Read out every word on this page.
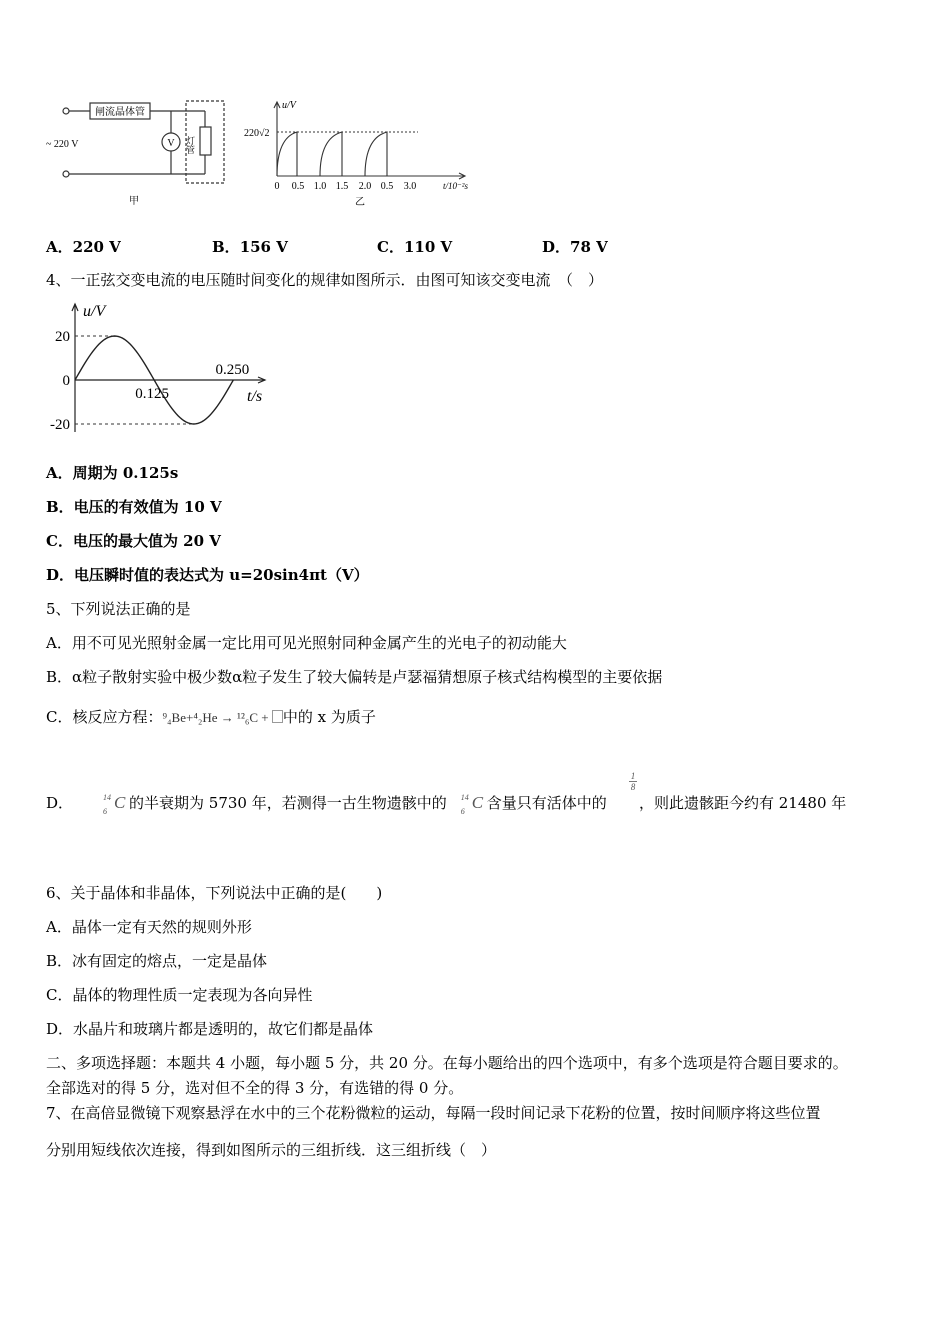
闸流晶体管
V
~ 220 V	灯管
甲
u/V
220√2
0 0.5 1.0 1.5 2.0 0.5 3.0	t/10⁻²s
乙
A．220 V	B．156 V	C．110 V	D．78 V
4、一正弦交变电流的电压随时间变化的规律如图所示．由图可知该交变电流　（　）
20
0
-20
0.125
0.250
u/V
t/s
A．周期为 0.125s
B．电压的有效值为 10 V
C．电压的最大值为 20 V
D．电压瞬时值的表达式为 u=20sin4πt（V）
5、下列说法正确的是
A．用不可见光照射金属一定比用可见光照射同种金属产生的光电子的初动能大
B．α粒子散射实验中极少数α粒子发生了较大偏转是卢瑟福猜想原子核式结构模型的主要依据
C．核反应方程：⁹₄Be+⁴₂He → ¹²₆C + 中的 x 为质子
D．	14
6 C 的半衰期为 5730 年，若测得一古生物遗骸中的 14
6 C 含量只有活体中的
1
8
，则此遗骸距今约有 21480 年
6、关于晶体和非晶体，下列说法中正确的是(　　)
A．晶体一定有天然的规则外形
B．冰有固定的熔点，一定是晶体
C．晶体的物理性质一定表现为各向异性
D．水晶片和玻璃片都是透明的，故它们都是晶体
二、多项选择题：本题共 4 小题，每小题 5 分，共 20 分。在每小题给出的四个选项中，有多个选项是符合题目要求的。
全部选对的得 5 分，选对但不全的得 3 分，有选错的得 0 分。
7、在高倍显微镜下观察悬浮在水中的三个花粉微粒的运动，每隔一段时间记录下花粉的位置，按时间顺序将这些位置
分别用短线依次连接，得到如图所示的三组折线．这三组折线（　）
